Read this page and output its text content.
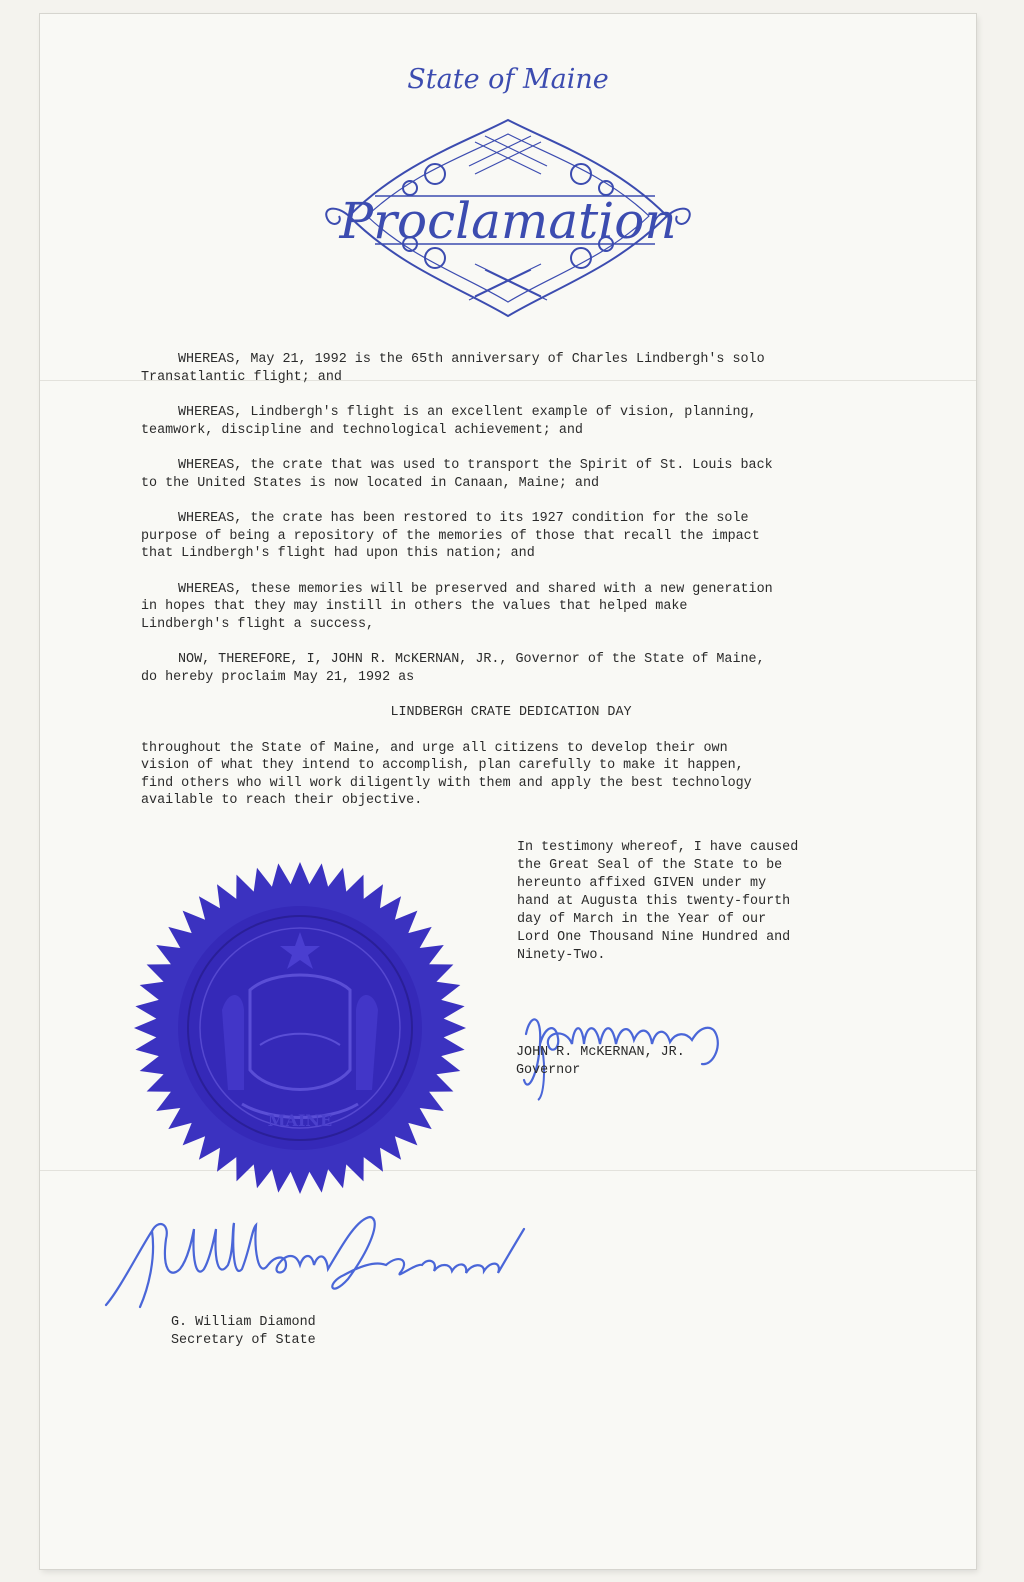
State of Maine
Proclamation

WHEREAS, May 21, 1992 is the 65th anniversary of Charles Lindbergh's solo
Transatlantic flight; and

WHEREAS, Lindbergh's flight is an excellent example of vision, planning,
teamwork, discipline and technological achievement; and

WHEREAS, the crate that was used to transport the Spirit of St. Louis back
to the United States is now located in Canaan, Maine; and

WHEREAS, the crate has been restored to its 1927 condition for the sole
purpose of being a repository of the memories of those that recall the impact
that Lindbergh's flight had upon this nation; and

WHEREAS, these memories will be preserved and shared with a new generation
in hopes that they may instill in others the values that helped make
Lindbergh's flight a success,

NOW, THEREFORE, I, JOHN R. McKERNAN, JR., Governor of the State of Maine,
do hereby proclaim May 21, 1992 as

LINDBERGH CRATE DEDICATION DAY

throughout the State of Maine, and urge all citizens to develop their own
vision of what they intend to accomplish, plan carefully to make it happen,
find others who will work diligently with them and apply the best technology
available to reach their objective.

In testimony whereof, I have caused
the Great Seal of the State to be
hereunto affixed GIVEN under my
hand at Augusta this twenty-fourth
day of March in the Year of our
Lord One Thousand Nine Hundred and
Ninety-Two.
JOHN R. McKERNAN, JR.
Governor
MAINE
G. William Diamond
Secretary of State
